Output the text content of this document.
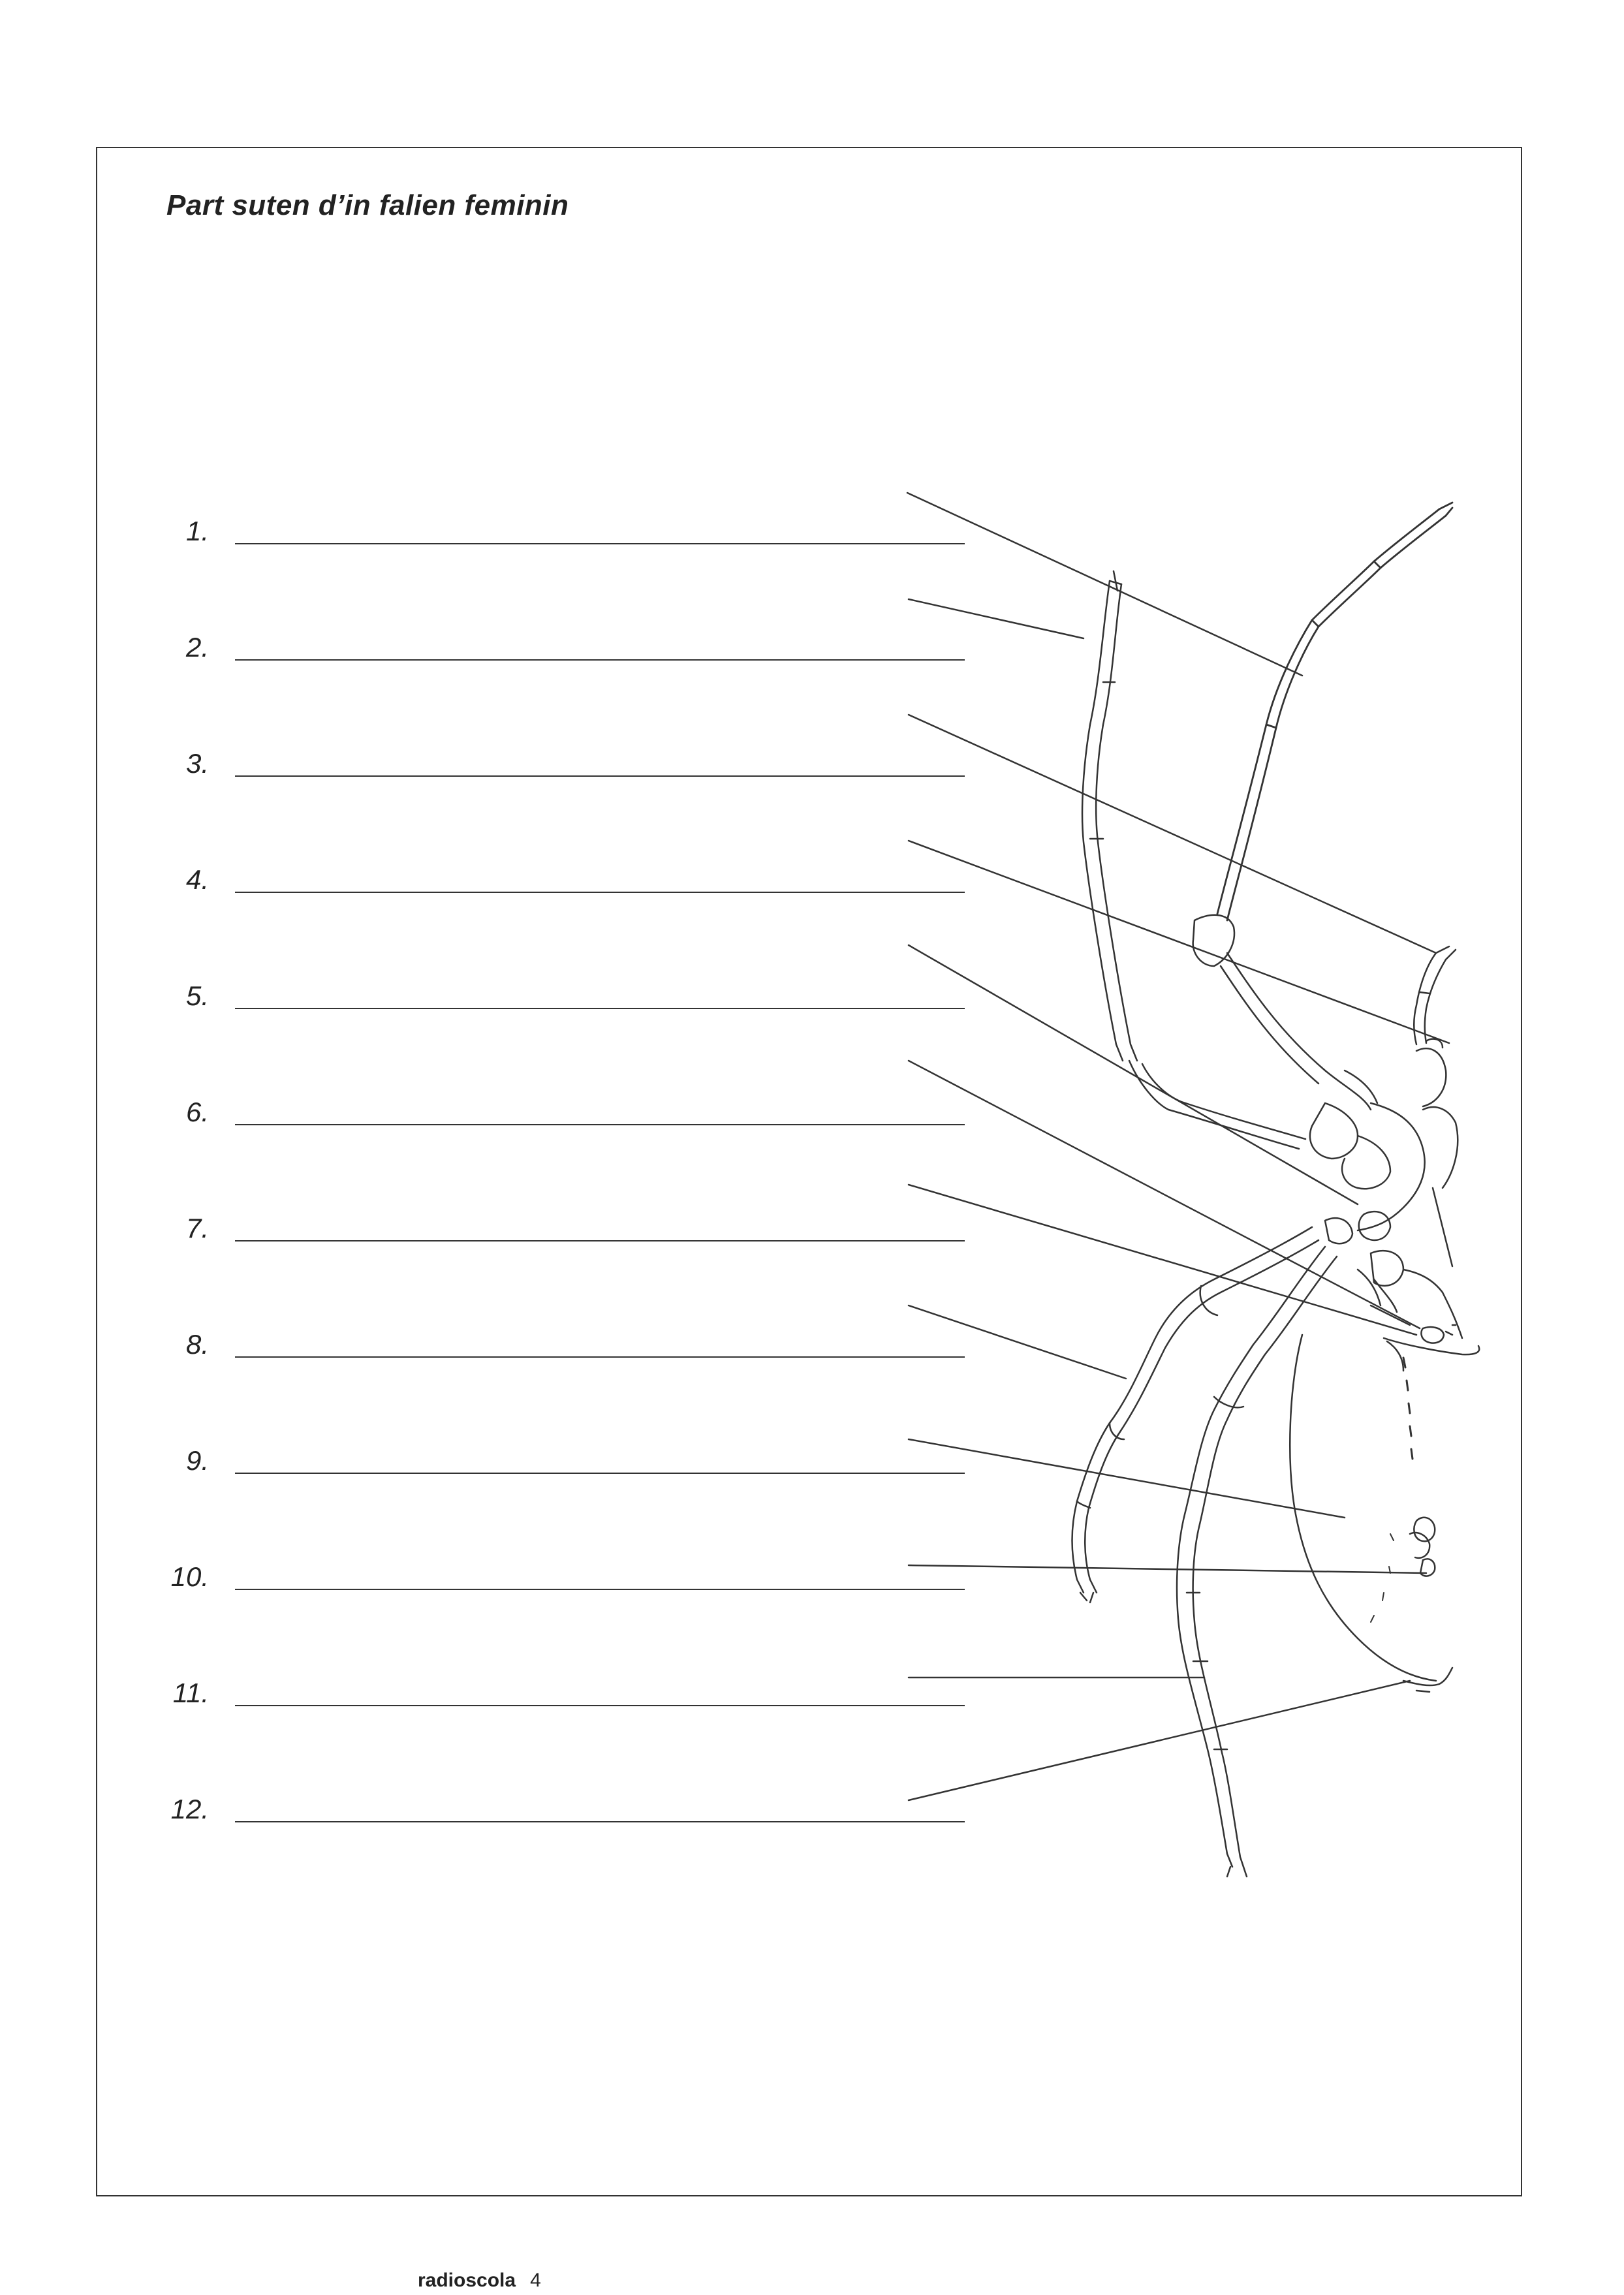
Part suten d’in falien feminin
1.
2.
3.
4.
5.
6.
7.
8.
9.
10.
11.
12.
radioscola 4
